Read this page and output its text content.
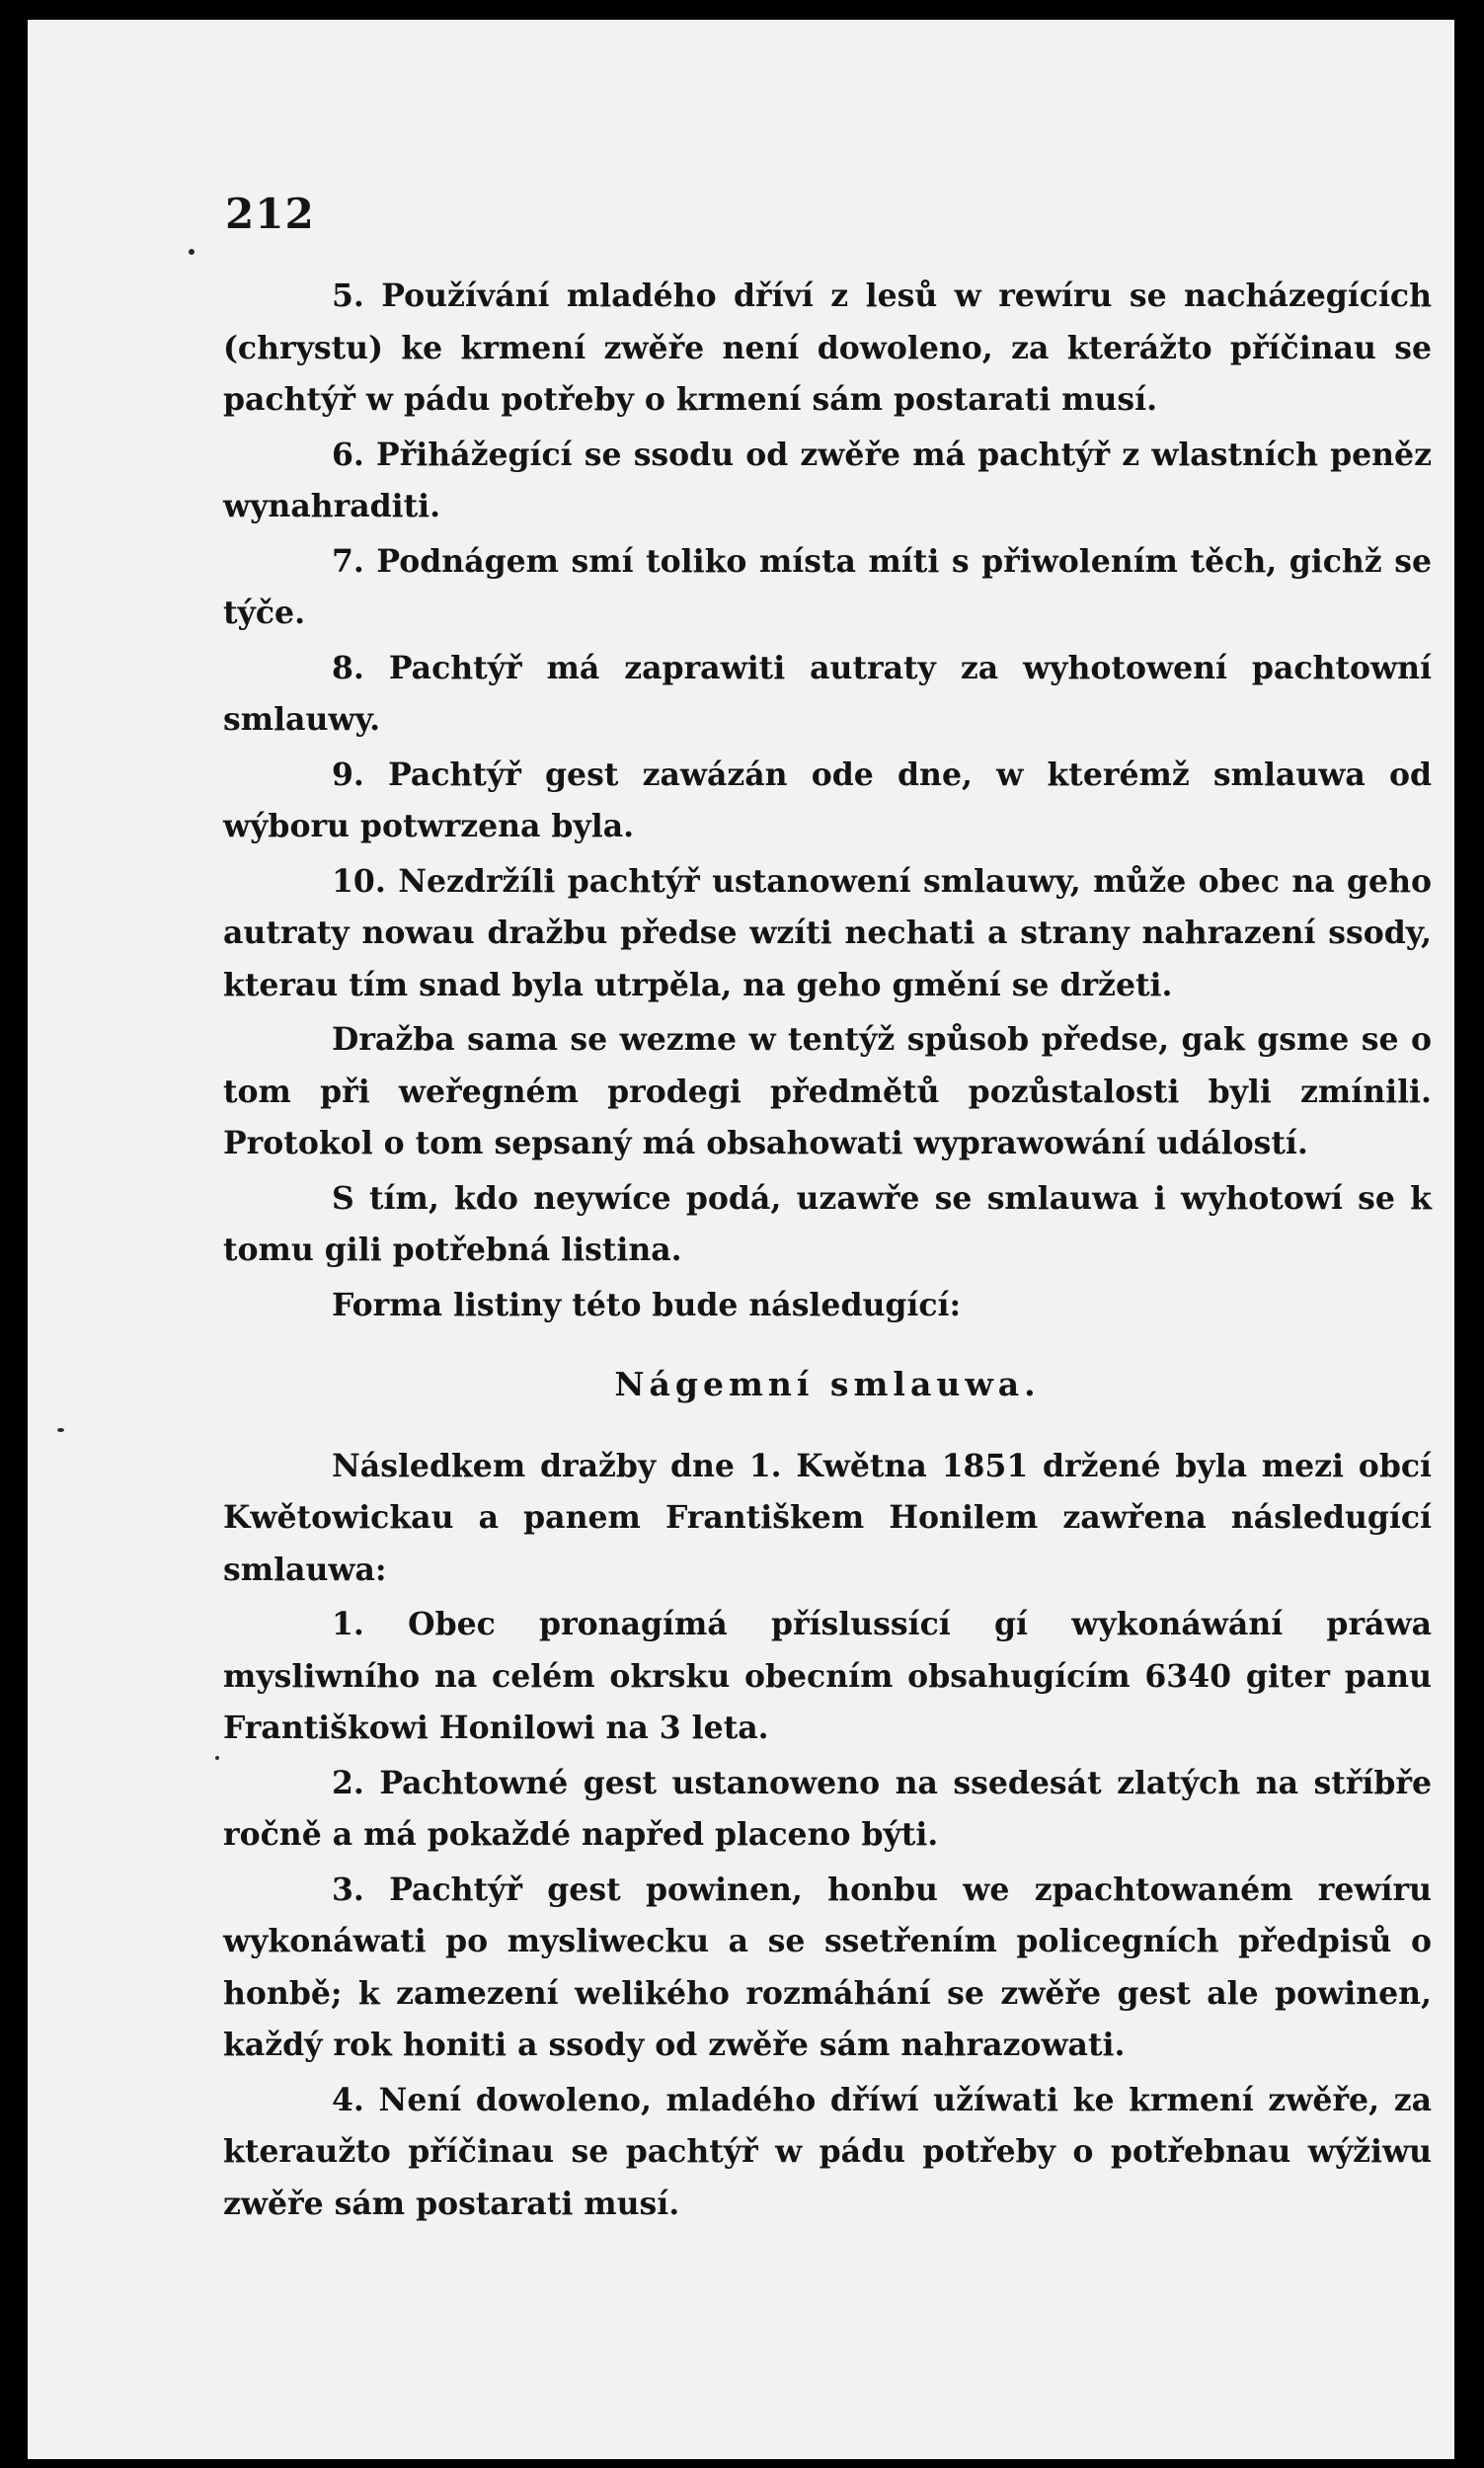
212

5. Používání mladého dříví z lesů w rewíru se nacházegících (chrystu) ke krmení zwěře není dowoleno, za kterážto příčinau se pachtýř w pádu potřeby o krmení sám postarati musí.

6. Přihážegící se ssodu od zwěře má pachtýř z wlastních peněz wynahraditi.

7. Podnágem smí toliko místa míti s přiwolením těch, gichž se týče.

8. Pachtýř má zaprawiti autraty za wyhotowení pachtowní smlauwy.

9. Pachtýř gest zawázán ode dne, w kterémž smlauwa od wýboru potwrzena byla.

10. Nezdržíli pachtýř ustanowení smlauwy, může obec na geho autraty nowau dražbu předse wzíti nechati a strany nahrazení ssody, kterau tím snad byla utrpěla, na geho gmění se držeti.

Dražba sama se wezme w tentýž spůsob předse, gak gsme se o tom při weřegném prodegi předmětů pozůstalosti byli zmínili. Protokol o tom sepsaný má obsahowati wyprawowání událostí.

S tím, kdo neywíce podá, uzawře se smlauwa i wyhotowí se k tomu gili potřebná listina.

Forma listiny této bude následugící:

Nágemní smlauwa.

Následkem dražby dne 1. Kwětna 1851 držené byla mezi obcí Kwětowickau a panem Františkem Honilem zawřena následugící smlauwa:

1. Obec pronagímá příslussící gí wykonáwání práwa mysliwního na celém okrsku obecním obsahugícím 6340 giter panu Františkowi Honilowi na 3 leta.

2. Pachtowné gest ustanoweno na ssedesát zlatých na stříbře ročně a má pokaždé napřed placeno býti.

3. Pachtýř gest powinen, honbu we zpachtowaném rewíru wykonáwati po mysliwecku a se ssetřením policegních předpisů o honbě; k zamezení welikého rozmáhání se zwěře gest ale powinen, každý rok honiti a ssody od zwěře sám nahrazowati.

4. Není dowoleno, mladého dříwí užíwati ke krmení zwěře, za kteraužto příčinau se pachtýř w pádu potřeby o potřebnau wýžiwu zwěře sám postarati musí.
